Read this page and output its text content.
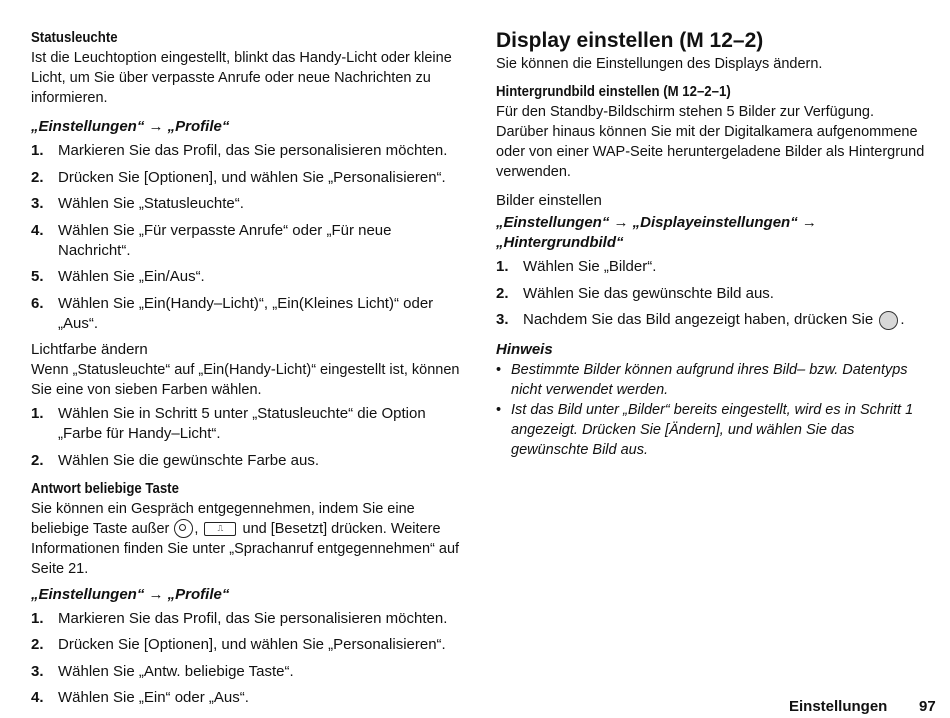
Statusleuchte

Ist die Leuchtoption eingestellt, blinkt das Handy-Licht oder kleine Licht, um Sie über verpasste Anrufe oder neue Nachrichten zu informieren.

„Einstellungen“ → „Profile“

1. Markieren Sie das Profil, das Sie personalisieren möchten.
2. Drücken Sie [Optionen], und wählen Sie „Personalisieren“.
3. Wählen Sie „Statusleuchte“.
4. Wählen Sie „Für verpasste Anrufe“ oder „Für neue Nachricht“.
5. Wählen Sie „Ein/Aus“.
6. Wählen Sie „Ein(Handy–Licht)“, „Ein(Kleines Licht)“ oder „Aus“.

Lichtfarbe ändern

Wenn „Statusleuchte“ auf „Ein(Handy-Licht)“ eingestellt ist, können Sie eine von sieben Farben wählen.

1. Wählen Sie in Schritt 5 unter „Statusleuchte“ die Option „Farbe für Handy–Licht“.
2. Wählen Sie die gewünschte Farbe aus.

Antwort beliebige Taste

Sie können ein Gespräch entgegennehmen, indem Sie eine beliebige Taste außer , ⎍ und [Besetzt] drücken. Weitere Informationen finden Sie unter „Sprachanruf entgegennehmen“ auf Seite 21.

„Einstellungen“ → „Profile“

1. Markieren Sie das Profil, das Sie personalisieren möchten.
2. Drücken Sie [Optionen], und wählen Sie „Personalisieren“.
3. Wählen Sie „Antw. beliebige Taste“.
4. Wählen Sie „Ein“ oder „Aus“.

Display einstellen (M 12–2)

Sie können die Einstellungen des Displays ändern.

Hintergrundbild einstellen (M 12–2–1)

Für den Standby-Bildschirm stehen 5 Bilder zur Verfügung. Darüber hinaus können Sie mit der Digitalkamera aufgenommene oder von einer WAP-Seite heruntergeladene Bilder als Hintergrund verwenden.

Bilder einstellen

„Einstellungen“ → „Displayeinstellungen“ → „Hintergrundbild“

1. Wählen Sie „Bilder“.
2. Wählen Sie das gewünschte Bild aus.
3. Nachdem Sie das Bild angezeigt haben, drücken Sie .

Hinweis

• Bestimmte Bilder können aufgrund ihres Bild– bzw. Datentyps nicht verwendet werden.
• Ist das Bild unter „Bilder“ bereits eingestellt, wird es in Schritt 1 angezeigt. Drücken Sie [Ändern], und wählen Sie das gewünschte Bild aus.
Einstellungen 97
